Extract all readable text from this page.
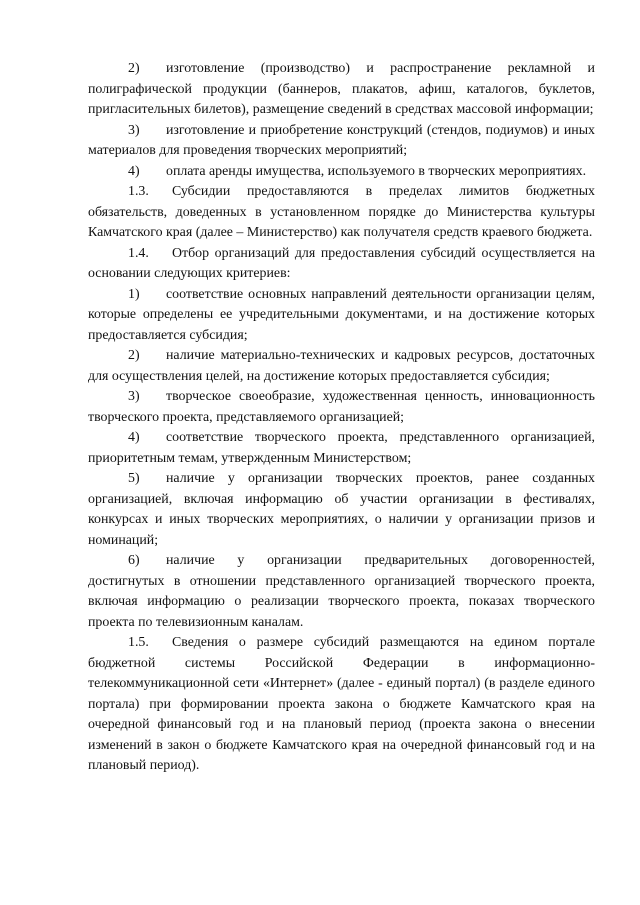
2) изготовление (производство) и распространение рекламной и полиграфической продукции (баннеров, плакатов, афиш, каталогов, буклетов, пригласительных билетов), размещение сведений в средствах массовой информации;

3) изготовление и приобретение конструкций (стендов, подиумов) и иных материалов для проведения творческих мероприятий;

4) оплата аренды имущества, используемого в творческих мероприятиях.

1.3. Субсидии предоставляются в пределах лимитов бюджетных обязательств, доведенных в установленном порядке до Министерства культуры Камчатского края (далее – Министерство) как получателя средств краевого бюджета.

1.4. Отбор организаций для предоставления субсидий осуществляется на основании следующих критериев:

1) соответствие основных направлений деятельности организации целям, которые определены ее учредительными документами, и на достижение которых предоставляется субсидия;

2) наличие материально-технических и кадровых ресурсов, достаточных для осуществления целей, на достижение которых предоставляется субсидия;

3) творческое своеобразие, художественная ценность, инновационность творческого проекта, представляемого организацией;

4) соответствие творческого проекта, представленного организацией, приоритетным темам, утвержденным Министерством;

5) наличие у организации творческих проектов, ранее созданных организацией, включая информацию об участии организации в фестивалях, конкурсах и иных творческих мероприятиях, о наличии у организации призов и номинаций;

6) наличие у организации предварительных договоренностей, достигнутых в отношении представленного организацией творческого проекта, включая информацию о реализации творческого проекта, показах творческого проекта по телевизионным каналам.

1.5. Сведения о размере субсидий размещаются на едином портале бюджетной системы Российской Федерации в информационно-телекоммуникационной сети «Интернет» (далее - единый портал) (в разделе единого портала) при формировании проекта закона о бюджете Камчатского края на очередной финансовый год и на плановый период (проекта закона о внесении изменений в закон о бюджете Камчатского края на очередной финансовый год и на плановый период).
